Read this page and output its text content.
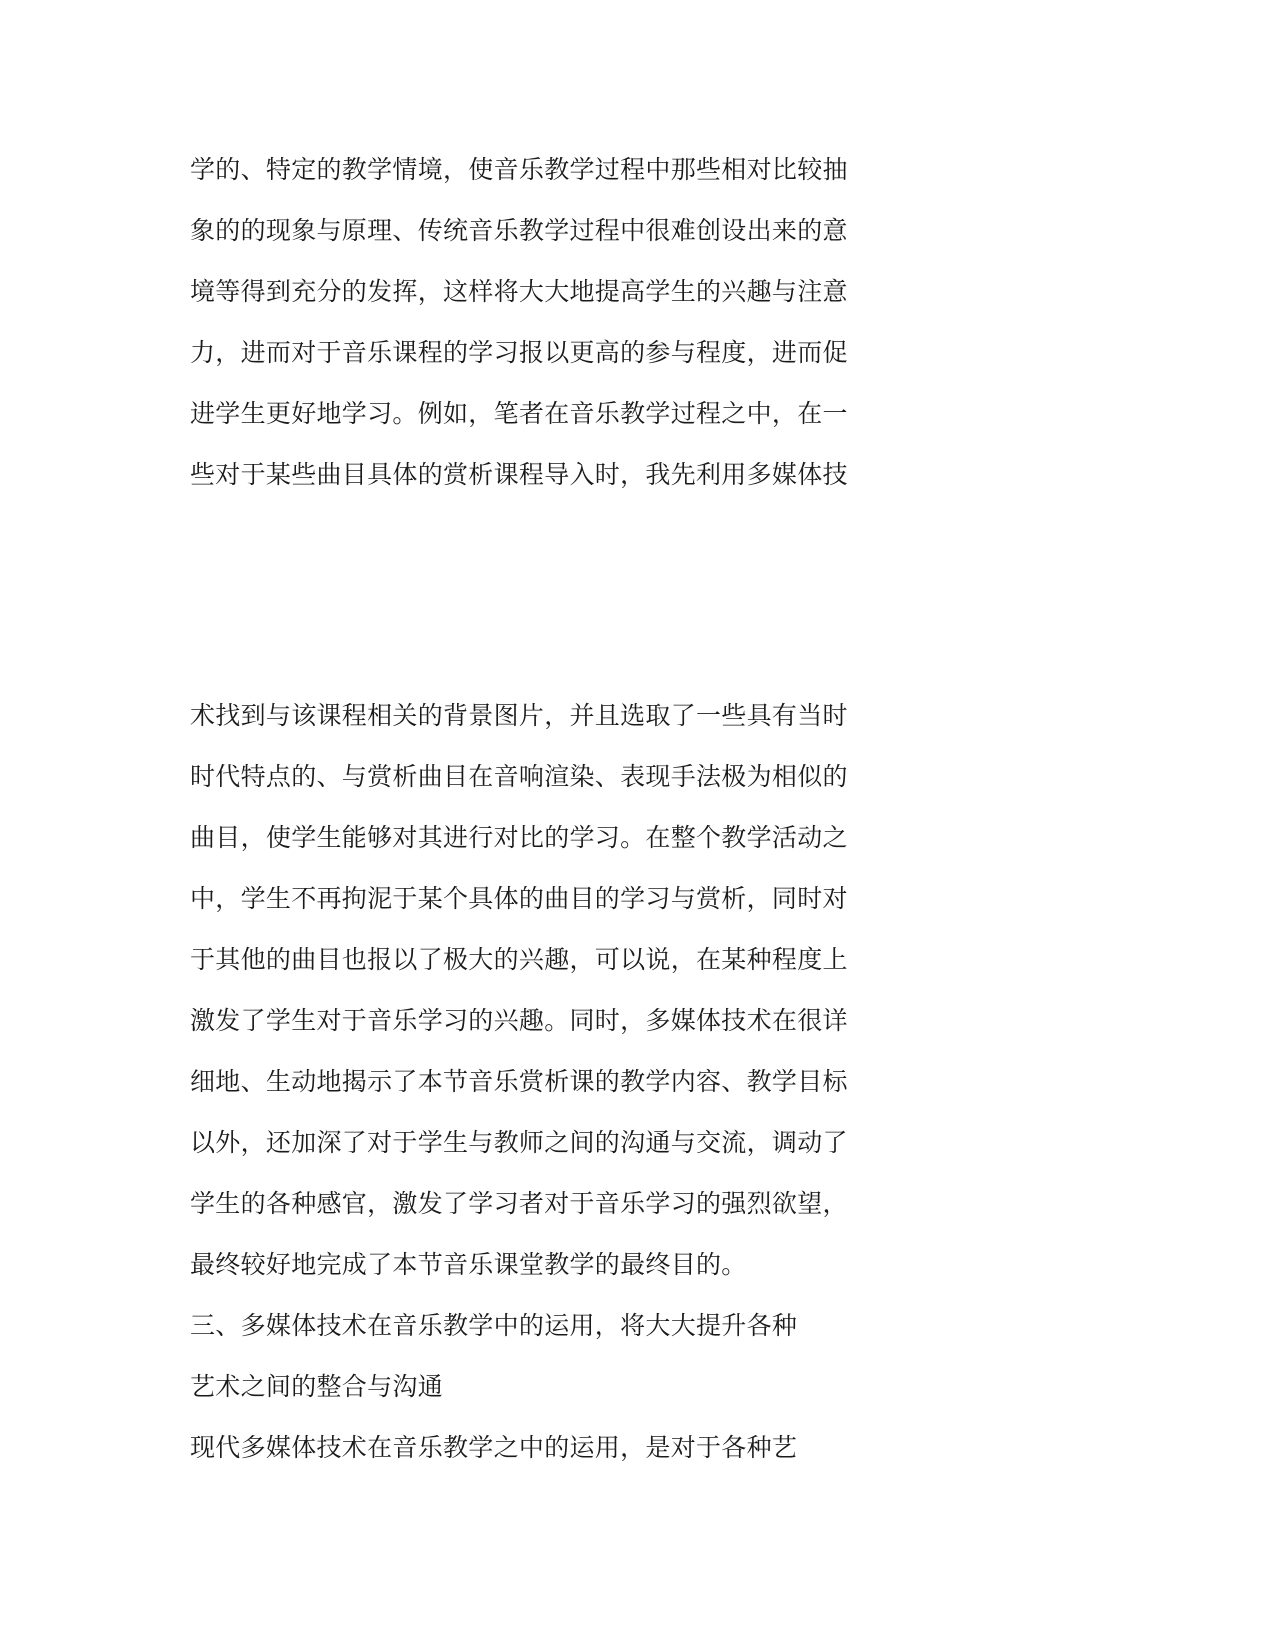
学的、特定的教学情境，使音乐教学过程中那些相对比较抽
象的的现象与原理、传统音乐教学过程中很难创设出来的意
境等得到充分的发挥，这样将大大地提高学生的兴趣与注意
力，进而对于音乐课程的学习报以更高的参与程度，进而促
进学生更好地学习。例如，笔者在音乐教学过程之中，在一
些对于某些曲目具体的赏析课程导入时，我先利用多媒体技
术找到与该课程相关的背景图片，并且选取了一些具有当时
时代特点的、与赏析曲目在音响渲染、表现手法极为相似的
曲目，使学生能够对其进行对比的学习。在整个教学活动之
中，学生不再拘泥于某个具体的曲目的学习与赏析，同时对
于其他的曲目也报以了极大的兴趣，可以说，在某种程度上
激发了学生对于音乐学习的兴趣。同时，多媒体技术在很详
细地、生动地揭示了本节音乐赏析课的教学内容、教学目标
以外，还加深了对于学生与教师之间的沟通与交流，调动了
学生的各种感官，激发了学习者对于音乐学习的强烈欲望，
最终较好地完成了本节音乐课堂教学的最终目的。
三、多媒体技术在音乐教学中的运用，将大大提升各种
艺术之间的整合与沟通
现代多媒体技术在音乐教学之中的运用，是对于各种艺
